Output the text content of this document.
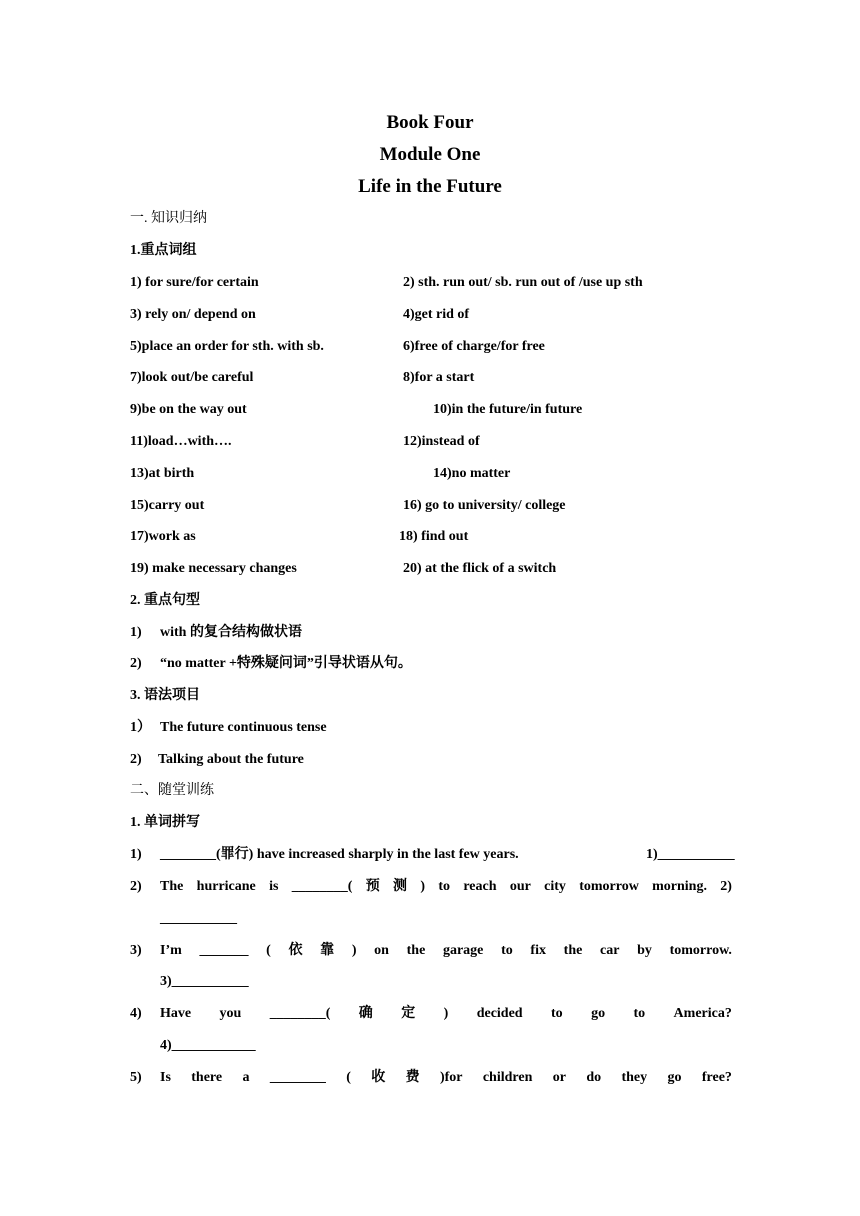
Book Four
Module One
Life in the Future
一. 知识归纳
1.重点词组
1) for sure/for certain
3) rely on/ depend on
5)place an order for sth. with sb.
7)look out/be careful
9)be on the way out
11)load…with….
13)at birth
15)carry out
17)work as
19) make necessary changes
2) sth. run out/ sb. run out of /use up sth
4)get rid of
6)free of charge/for free
8)for a start
10)in the future/in future
12)instead of
14)no matter
16) go to university/ college
18) find out
20) at the flick of a switch
2. 重点句型
1) with 的复合结构做状语
2) “no matter +特殊疑问词”引导状语从句。
3. 语法项目
1） The future continuous tense
2) Talking about the future
二、随堂训练
1. 单词拼写
1) ________(罪行) have increased sharply in the last few years.	1)___________
2) The hurricane is ________( 预 测 ) to reach our city tomorrow morning. 2)
___________
3) I’m _______ ( 依 靠 ) on the garage to fix the car by tomorrow.
3)___________
4) Have you ________( 确 定 ) decided to go to America?
4)____________
5) Is there a ________ ( 收 费 )for children or do they go free?
